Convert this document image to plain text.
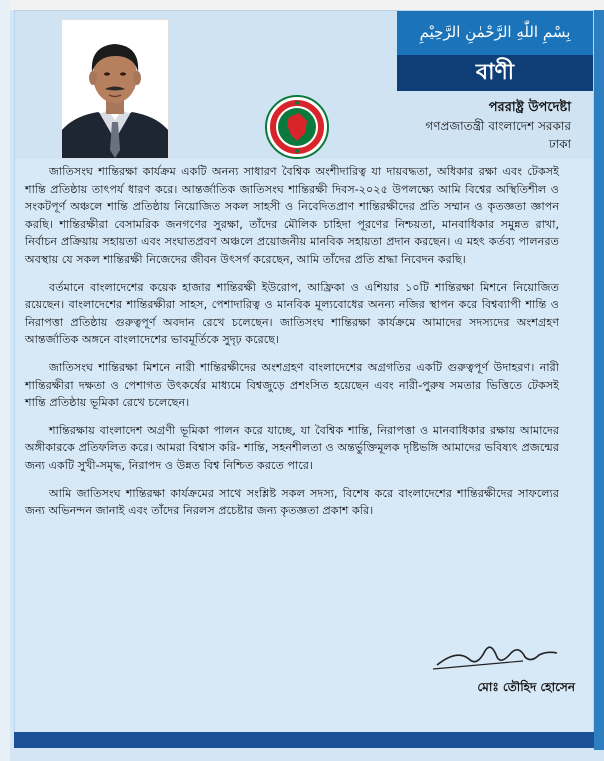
بِسْمِ اللّٰهِ الرَّحْمٰنِ الرَّحِيْمِ
বাণী
পররাষ্ট্র উপদেষ্টা
গণপ্রজাতন্ত্রী বাংলাদেশ সরকার
ঢাকা

জাতিসংঘ শান্তিরক্ষা কার্যক্রম একটি অনন্য সাধারণ বৈশ্বিক অংশীদারিত্ব যা দায়বদ্ধতা, অধিকার রক্ষা এবং টেকসই শান্তি প্রতিষ্ঠায় তাৎপর্য ধারণ করে। আন্তর্জাতিক জাতিসংঘ শান্তিরক্ষী দিবস-২০২৫ উপলক্ষ্যে আমি বিশ্বের অস্থিতিশীল ও সংকটপূর্ণ অঞ্চলে শান্তি প্রতিষ্ঠায় নিয়োজিত সকল সাহসী ও নিবেদিতপ্রাণ শান্তিরক্ষীদের প্রতি সম্মান ও কৃতজ্ঞতা জ্ঞাপন করছি। শান্তিরক্ষীরা বেসামরিক জনগণের সুরক্ষা, তাঁদের মৌলিক চাহিদা পূরণের নিশ্চয়তা, মানবাধিকার সমুন্নত রাখা, নির্বাচন প্রক্রিয়ায় সহায়তা এবং সংঘাতপ্রবণ অঞ্চলে প্রয়োজনীয় মানবিক সহায়তা প্রদান করছেন। এ মহৎ কর্তব্য পালনরত অবস্থায় যে সকল শান্তিরক্ষী নিজেদের জীবন উৎসর্গ করেছেন, আমি তাঁদের প্রতি শ্রদ্ধা নিবেদন করছি।

বর্তমানে বাংলাদেশের কয়েক হাজার শান্তিরক্ষী ইউরোপ, আফ্রিকা ও এশিয়ার ১০টি শান্তিরক্ষা মিশনে নিয়োজিত রয়েছেন। বাংলাদেশের শান্তিরক্ষীরা সাহস, পেশাদারিত্ব ও মানবিক মূল্যবোধের অনন্য নজির স্থাপন করে বিশ্বব্যাপী শান্তি ও নিরাপত্তা প্রতিষ্ঠায় গুরুত্বপূর্ণ অবদান রেখে চলেছেন। জাতিসংঘ শান্তিরক্ষা কার্যক্রমে আমাদের সদস্যদের অংশগ্রহণ আন্তর্জাতিক অঙ্গনে বাংলাদেশের ভাবমূর্তিকে সুদৃঢ় করেছে।

জাতিসংঘ শান্তিরক্ষা মিশনে নারী শান্তিরক্ষীদের অংশগ্রহণ বাংলাদেশের অগ্রগতির একটি গুরুত্বপূর্ণ উদাহরণ। নারী শান্তিরক্ষীরা দক্ষতা ও পেশাগত উৎকর্ষের মাধ্যমে বিশ্বজুড়ে প্রশংসিত হয়েছেন এবং নারী-পুরুষ সমতার ভিত্তিতে টেকসই শান্তি প্রতিষ্ঠায় ভূমিকা রেখে চলেছেন।

শান্তিরক্ষায় বাংলাদেশ অগ্রণী ভূমিকা পালন করে যাচ্ছে, যা বৈশ্বিক শান্তি, নিরাপত্তা ও মানবাধিকার রক্ষায় আমাদের অঙ্গীকারকে প্রতিফলিত করে। আমরা বিশ্বাস করি- শান্তি, সহনশীলতা ও অন্তর্ভুক্তিমূলক দৃষ্টিভঙ্গি আমাদের ভবিষ্যৎ প্রজন্মের জন্য একটি সুখী-সমৃদ্ধ, নিরাপদ ও উন্নত বিশ্ব নিশ্চিত করতে পারে।

আমি জাতিসংঘ শান্তিরক্ষা কার্যক্রমের সাথে সংশ্লিষ্ট সকল সদস্য, বিশেষ করে বাংলাদেশের শান্তিরক্ষীদের সাফল্যের জন্য অভিনন্দন জানাই এবং তাঁদের নিরলস প্রচেষ্টার জন্য কৃতজ্ঞতা প্রকাশ করি।

মোঃ তৌহিদ হোসেন
